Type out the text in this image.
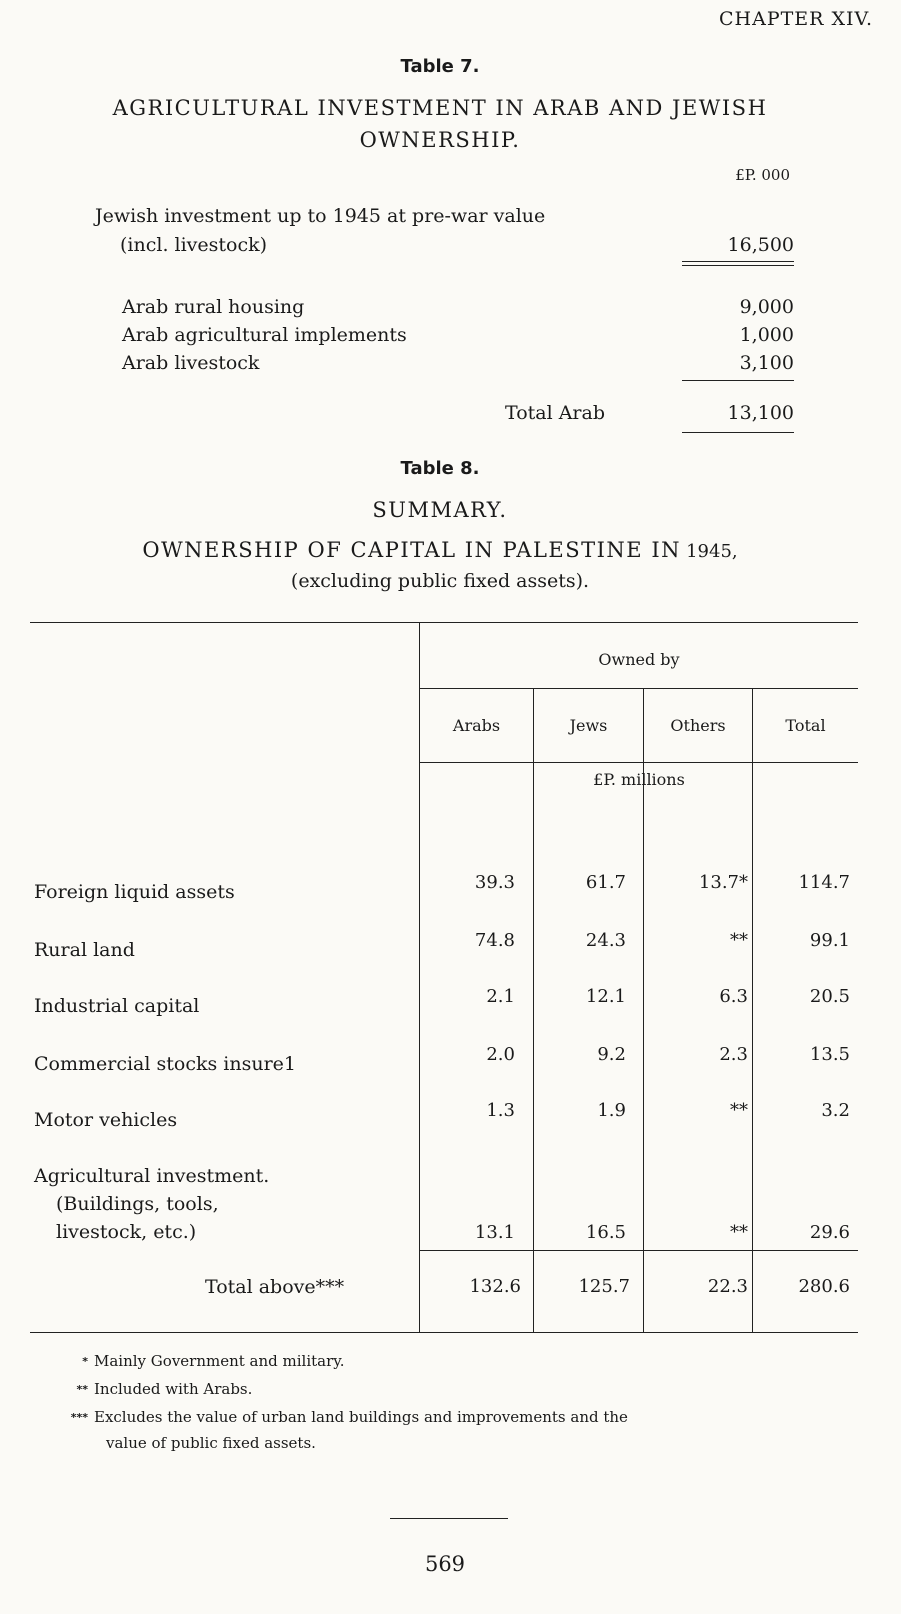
CHAPTER XIV.
Table 7.
AGRICULTURAL INVESTMENT IN ARAB AND JEWISH
OWNERSHIP.
£P. 000
Jewish investment up to 1945 at pre-war value
(incl. livestock)	16,500
Arab rural housing	9,000
Arab agricultural implements	1,000
Arab livestock	3,100
Total Arab	13,100
Table 8.
SUMMARY.
OWNERSHIP OF CAPITAL IN PALESTINE IN 1945,
(excluding public fixed assets).
Owned by
Arabs	Jews	Others	Total
£P. millions
Foreign liquid assets	39.3	61.7	13.7*	114.7
Rural land	74.8	24.3	**	99.1
Industrial capital	2.1	12.1	6.3	20.5
Commercial stocks insure1	2.0	9.2	2.3	13.5
Motor vehicles	1.3	1.9	**	3.2
Agricultural investment.
(Buildings, tools,
livestock, etc.)	13.1	16.5	**	29.6
Total above***	132.6	125.7	22.3	280.6
* Mainly Government and military.
** Included with Arabs.
*** Excludes the value of urban land buildings and improvements and the
value of public fixed assets.
569
